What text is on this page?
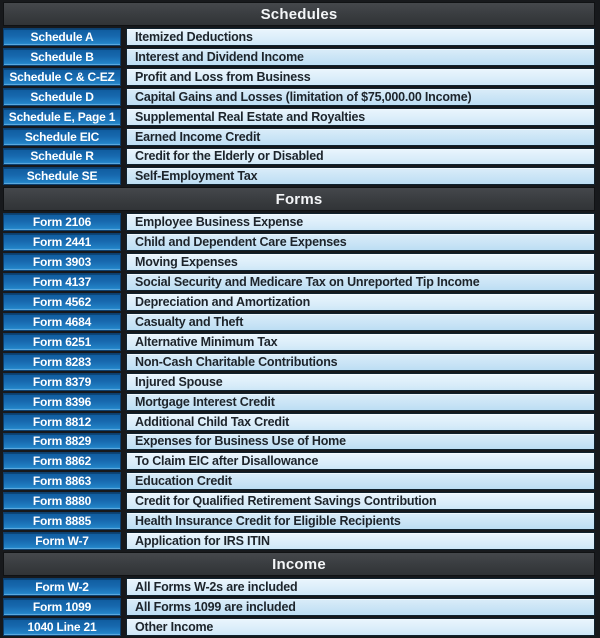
Schedules
Schedule A	Itemized Deductions
Schedule B	Interest and Dividend Income
Schedule C & C-EZ	Profit and Loss from Business
Schedule D	Capital Gains and Losses (limitation of $75,000.00 Income)
Schedule E, Page 1	Supplemental Real Estate and Royalties
Schedule EIC	Earned Income Credit
Schedule R	Credit for the Elderly or Disabled
Schedule SE	Self-Employment Tax
Forms
Form 2106	Employee Business Expense
Form 2441	Child and Dependent Care Expenses
Form 3903	Moving Expenses
Form 4137	Social Security and Medicare Tax on Unreported Tip Income
Form 4562	Depreciation and Amortization
Form 4684	Casualty and Theft
Form 6251	Alternative Minimum Tax
Form 8283	Non-Cash Charitable Contributions
Form 8379	Injured Spouse
Form 8396	Mortgage Interest Credit
Form 8812	Additional Child Tax Credit
Form 8829	Expenses for Business Use of Home
Form 8862	To Claim EIC after Disallowance
Form 8863	Education Credit
Form 8880	Credit for Qualified Retirement Savings Contribution
Form 8885	Health Insurance Credit for Eligible Recipients
Form W-7	Application for IRS ITIN
Income
Form W-2	All Forms W-2s are included
Form 1099	All Forms 1099 are included
1040 Line 21	Other Income
